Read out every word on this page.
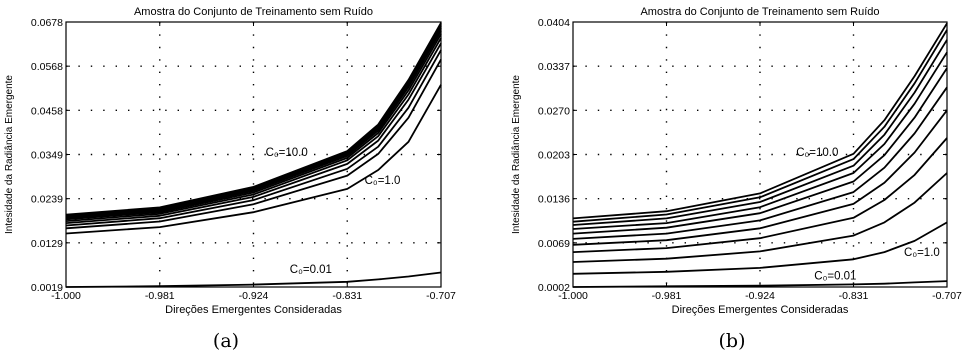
-1.000	-0.981	-0.924	-0.831	-0.707
0.0019
0.0129
0.0239
0.0349
0.0458
0.0568
0.0678
Amostra do Conjunto de Treinamento sem Ruído
Direções Emergentes Consideradas
Intesidade da Radiância Emergente	C₀=10.0
C₀=1.0
C₀=0.01
-1.000	-0.981	-0.924	-0.831	-0.707
0.0002
0.0069
0.0136
0.0203
0.0270
0.0337
0.0404
Amostra do Conjunto de Treinamento sem Ruído
Direções Emergentes Consideradas
Intesidade da Radiância Emergente	C₀=10.0
C₀=1.0
C₀=0.01
(a)	(b)
